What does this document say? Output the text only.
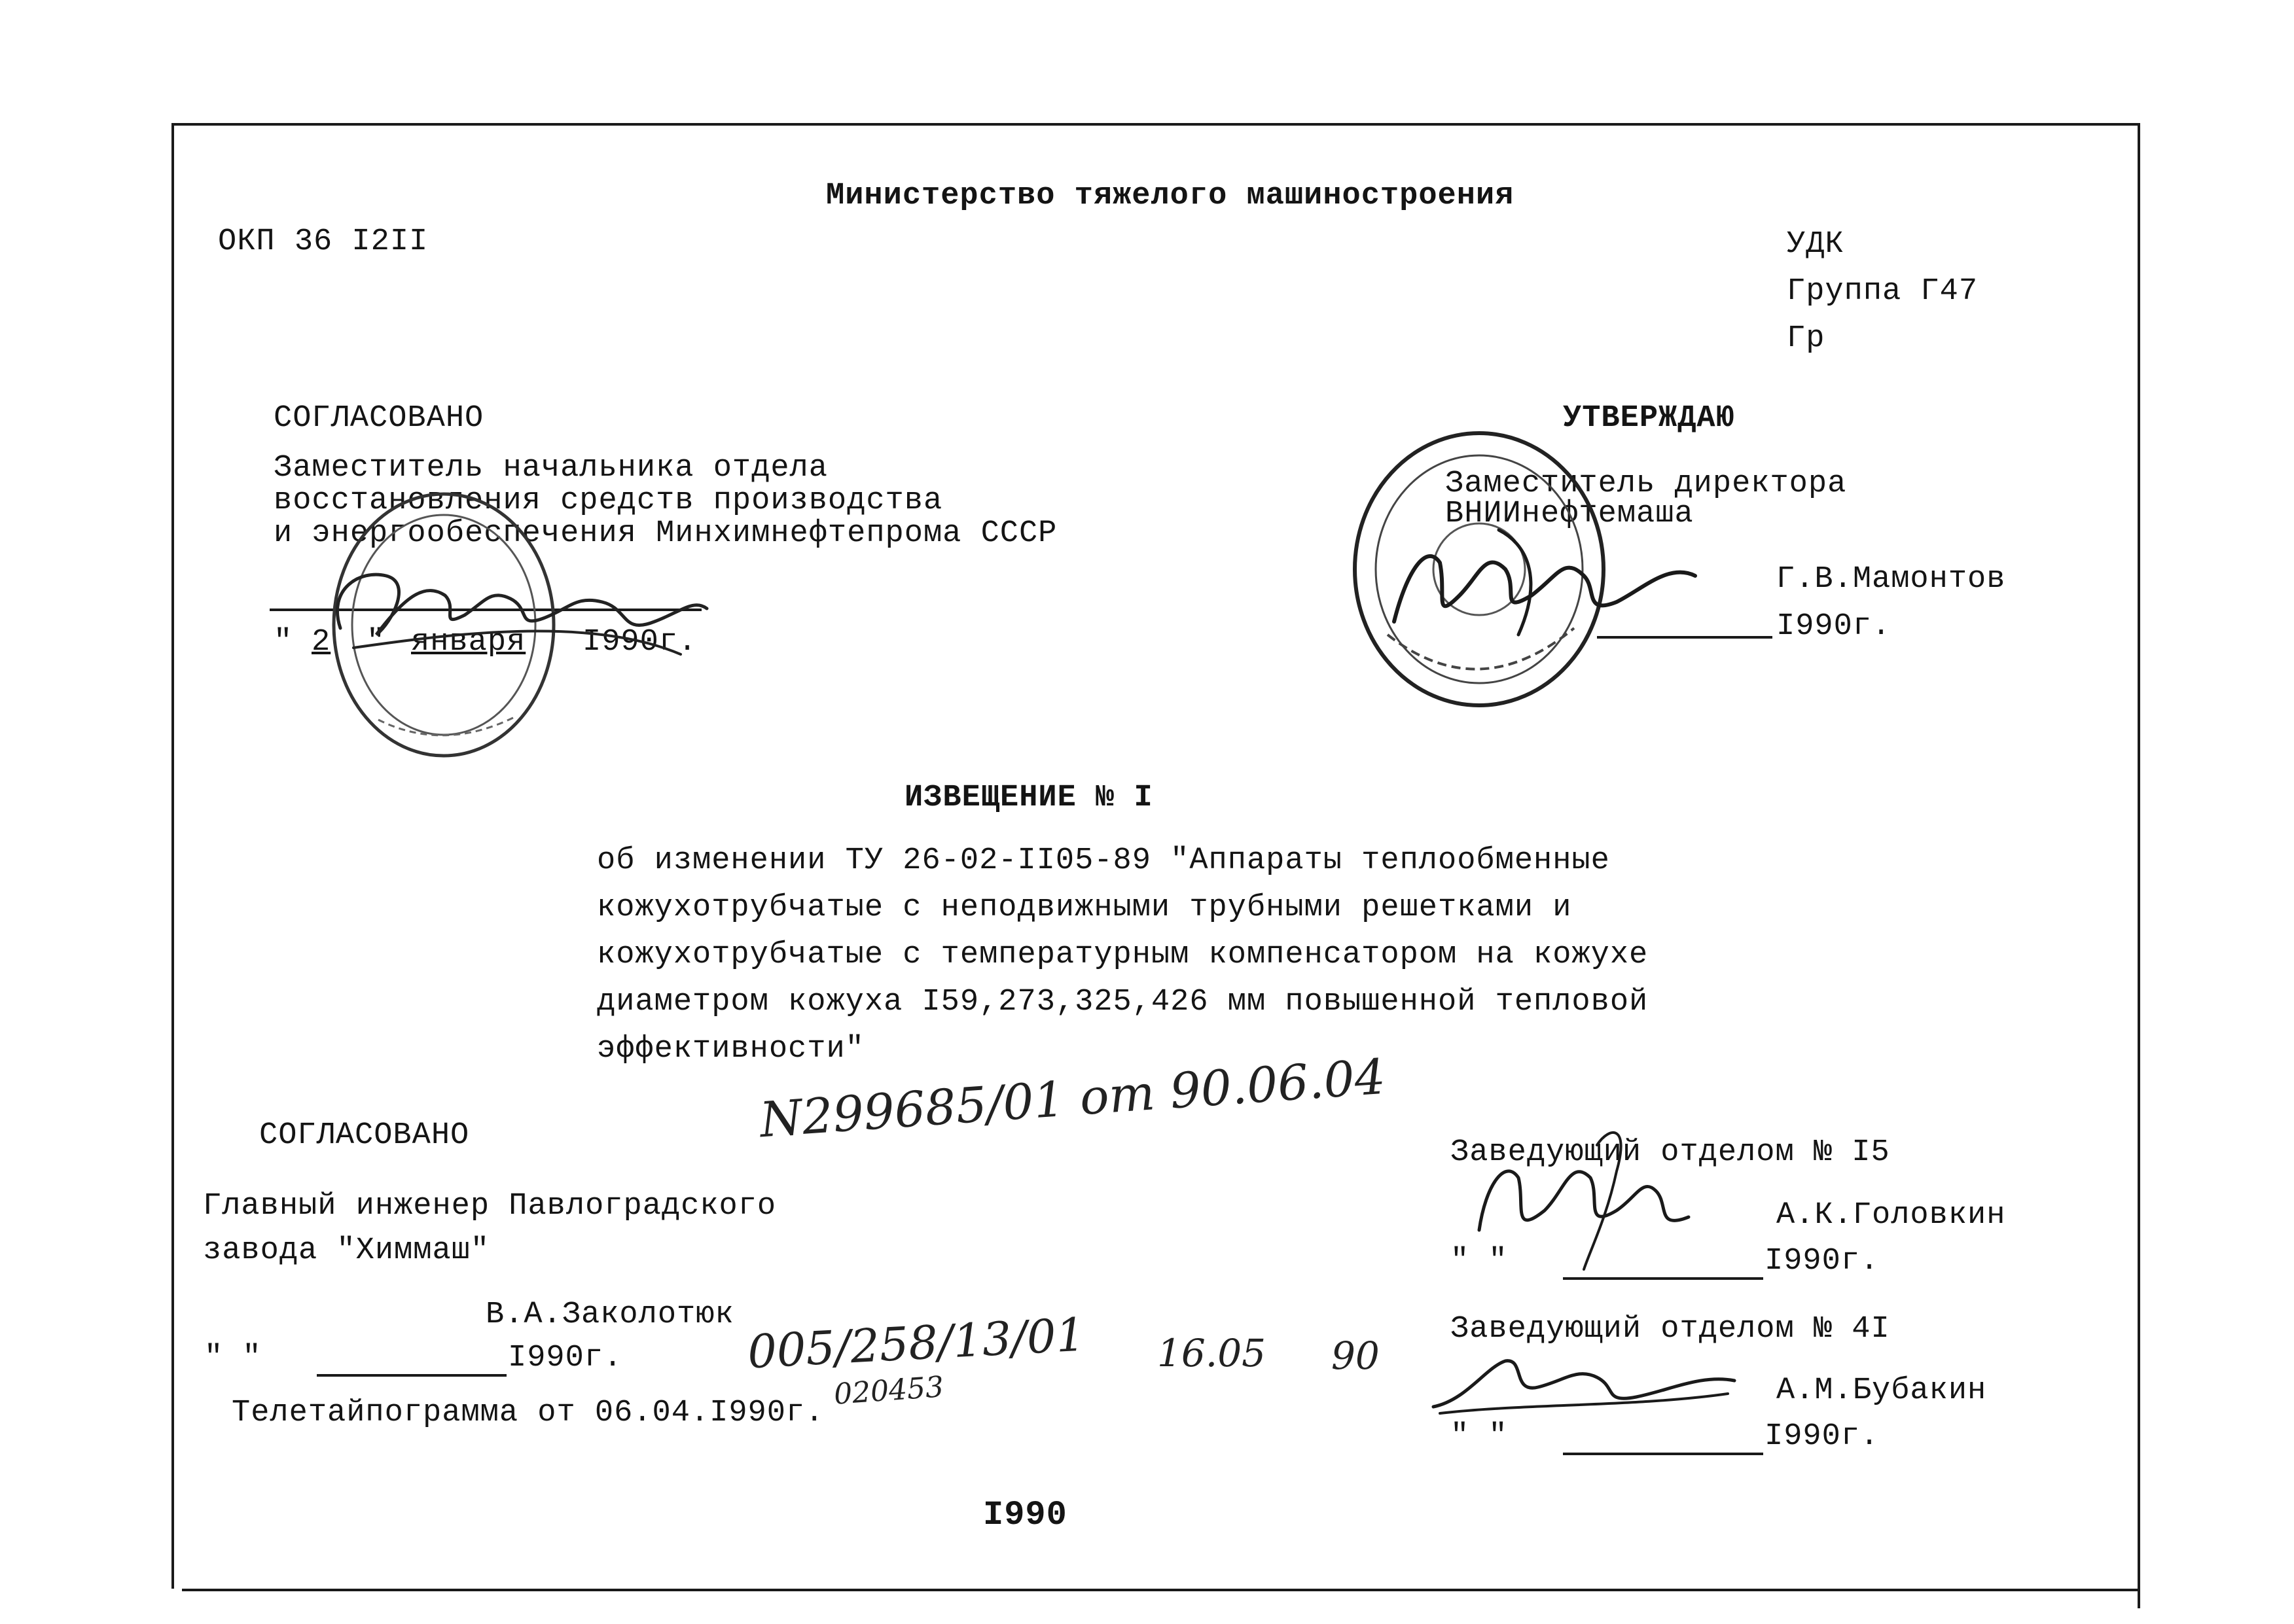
Министерство тяжелого машиностроения
ОКП 36 I2II	УДК
Группа Г47
Гр
СОГЛАСОВАНО
Заместитель начальника отдела
восстановления средств производства
и энергообеспечения Минхимнефтепрома СССР
" 2 " января I990г.
УТВЕРЖДАЮ
Заместитель директора
ВНИИнефтемаша
Г.В.Мамонтов
I990г.
ИЗВЕЩЕНИЕ № I
об изменении ТУ 26-02-II05-89 "Аппараты теплообменные
кожухотрубчатые с неподвижными трубными решетками и
кожухотрубчатые с температурным компенсатором на кожухе
диаметром кожуха I59,273,325,426 мм повышенной тепловой
эффективности"
N299685/01 от 90.06.04
СОГЛАСОВАНО
Главный инженер Павлоградского
завода "Химмаш"
В.А.Заколотюк
" "	I990г.
Телетайпограмма от 06.04.I990г.
005/258/13/01
020453
16.05 90
Заведующий отделом № I5
А.К.Головкин
" "	I990г.
Заведующий отделом № 4I
А.М.Бубакин
" "	I990г.
I990
